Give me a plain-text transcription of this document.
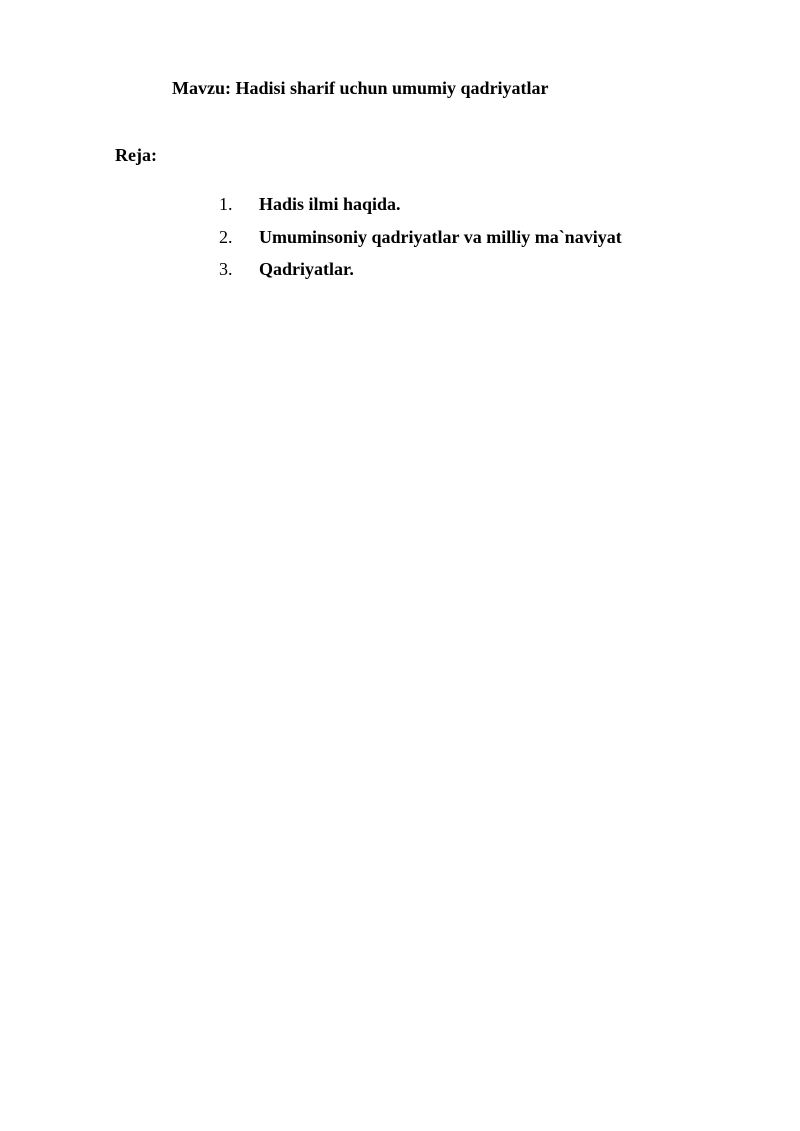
Mavzu: Hadisi sharif uchun umumiy qadriyatlar
Reja:
1. Hadis ilmi haqida.
2. Umuminsoniy qadriyatlar va milliy ma`naviyat
3. Qadriyatlar.
